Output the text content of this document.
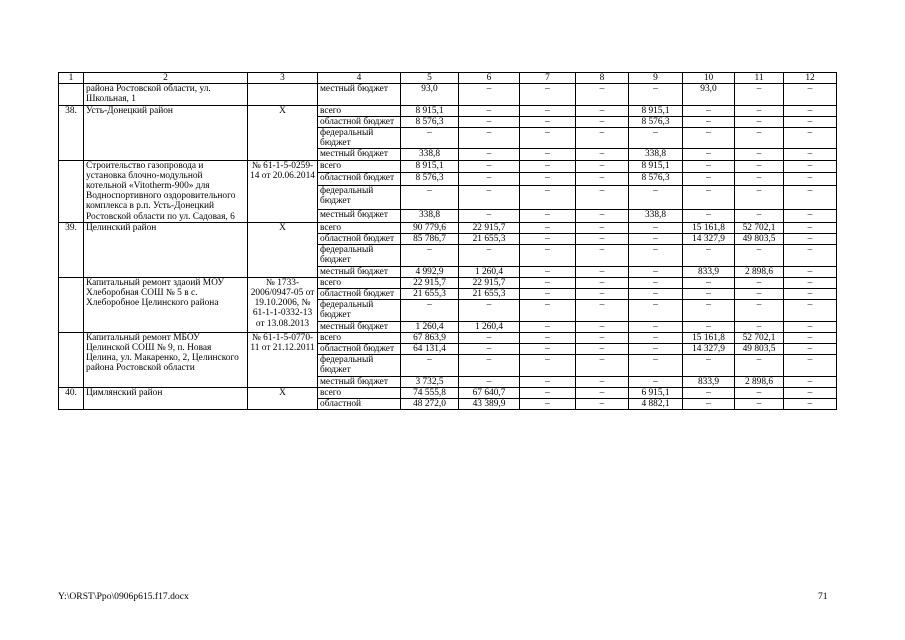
1	2	3	4	5	6	7	8	9	10	11	12
	района Ростовской области, ул. Школьная, 1		местный бюджет	93,0	–	–	–	–	93,0	–	–
38.	Усть-Донецкий район	Х	всего	8 915,1	–	–	–	8 915,1	–	–	–
			областной бюджет	8 576,3	–	–	–	8 576,3	–	–	–
			федеральный бюджет	–	–	–	–	–	–	–	–
			местный бюджет	338,8	–	–	–	338,8	–	–	–
	Строительство газопровода и установка блочно-модульной котельной «Vitotherm-900» для Водноспортивного оздоровительного комплекса в р.п. Усть-Донецкий Ростовской области по ул. Садовая, 6	№ 61-1-5-0259-14 от 20.06.2014	всего	8 915,1	–	–	–	8 915,1	–	–	–
			областной бюджет	8 576,3	–	–	–	8 576,3	–	–	–
			федеральный бюджет	–	–	–	–	–	–	–	–
			местный бюджет	338,8	–	–	–	338,8	–	–	–
39.	Целинский район	Х	всего	90 779,6	22 915,7	–	–	–	15 161,8	52 702,1	–
			областной бюджет	85 786,7	21 655,3	–	–	–	14 327,9	49 803,5	–
			федеральный бюджет	–	–	–	–	–	–	–	–
			местный бюджет	4 992,9	1 260,4	–	–	–	833,9	2 898,6	–
	Капитальный ремонт здаоий МОУ Хлеборобная СОШ № 5 в с. Хлеборобное Целинского района	№ 1733-2006/0947-05 от 19.10.2006, № 61-1-1-0332-13 от 13.08.2013	всего	22 915,7	22 915,7	–	–	–	–	–	–
			областной бюджет	21 655,3	21 655,3	–	–	–	–	–	–
			федеральный бюджет	–	–	–	–	–	–	–	–
			местный бюджет	1 260,4	1 260,4	–	–	–	–	–	–
	Капитальный ремонт МБОУ Целинской СОШ № 9, п. Новая Целина, ул. Макаренко, 2, Целинского района Ростовской области	№ 61-1-5-0770-11 от 21.12.2011	всего	67 863,9	–	–	–	–	15 161,8	52 702,1	–
			областной бюджет	64 131,4	–	–	–	–	14 327,9	49 803,5	–
			федеральный бюджет	–	–	–	–	–	–	–	–
			местный бюджет	3 732,5	–	–	–	–	833,9	2 898,6	–
40.	Цимлянский район	Х	всего	74 555,8	67 640,7	–	–	6 915,1	–	–	–
			областной	48 272,0	43 389,9	–	–	4 882,1	–	–	–
Y:\ORST\Ppo\0906p615.f17.docx	71
